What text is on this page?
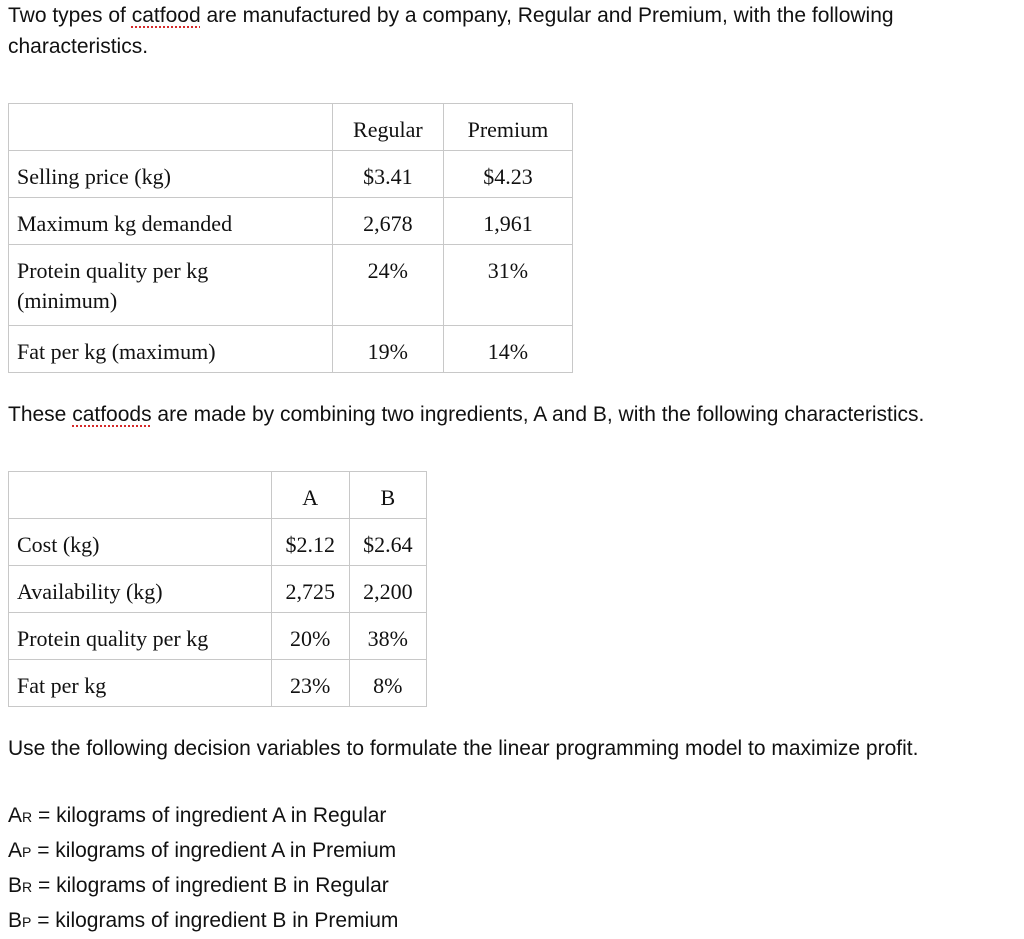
Two types of catfood are manufactured by a company, Regular and Premium, with the following
characteristics.
	Regular	Premium
Selling price (kg)	$3.41	$4.23
Maximum kg demanded	2,678	1,961

Protein quality per kg
(minimum)	24%	31%
Fat per kg (maximum)	19%	14%
These catfoods are made by combining two ingredients, A and B, with the following characteristics.
	A	B
Cost (kg)	$2.12	$2.64
Availability (kg)	2,725	2,200
Protein quality per kg	20%	38%
Fat per kg	23%	8%
Use the following decision variables to formulate the linear programming model to maximize profit.
AR = kilograms of ingredient A in Regular
AP = kilograms of ingredient A in Premium
BR = kilograms of ingredient B in Regular
BP = kilograms of ingredient B in Premium
